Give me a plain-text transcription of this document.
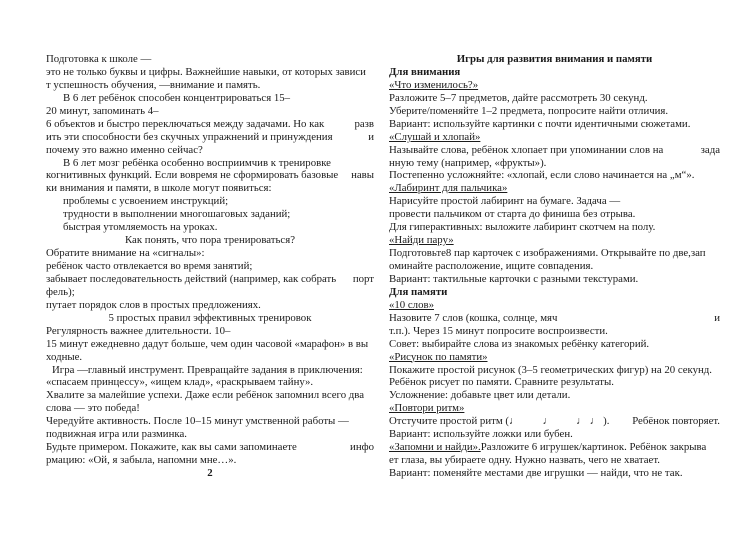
Подготовка к школе —
это не только буквы и цифры. Важнейшие навыки, от которых зависи
т успешность обучения, —внимание и память.
В 6 лет ребёнок способен концентрироваться 15–
20 минут, запоминать 4–
6 объектов и быстро переключаться между задачами. Но как	разв
ить эти способности без скучных упражнений и принуждения	и
почему это важно именно сейчас?
В 6 лет мозг ребёнка особенно восприимчив к тренировке
когнитивных функций. Если вовремя не сформировать базовые навы
ки внимания и памяти, в школе могут появиться:
проблемы с усвоением инструкций;
трудности в выполнении многошаговых заданий;
быстрая утомляемость на уроках.
Как понять, что пора тренироваться?
Обратите внимание на «сигналы»:
ребёнок часто отвлекается во время занятий;
забывает последовательность действий (например, как собрать порт
фель);
путает порядок слов в простых предложениях.
5 простых правил эффективных тренировок
Регулярность важнее длительности. 10–
15 минут ежедневно дадут больше, чем один часовой «марафон» в вы
ходные.
Игра —главный инструмент. Превращайте задания в приключения:
«спасаем принцессу», «ищем клад», «раскрываем тайну».
Хвалите за малейшие успехи. Даже если ребёнок запомнил всего два
слова — это победа!
Чередуйте активность. После 10–15 минут умственной работы —
подвижная игра или разминка.
Будьте примером. Покажите, как вы сами запоминаете	инфо
рмацию: «Ой, я забыла, напомни мне…».
2
Игры для развития внимания и памяти
Для внимания
«Что изменилось?»
Разложите 5–7 предметов, дайте рассмотреть 30 секунд.
Уберите/поменяйте 1–2 предмета, попросите найти отличия.
Вариант: используйте картинки с почти идентичными сюжетами.
«Слушай и хлопай»
Называйте слова, ребёнок хлопает при упоминании слов на	зада
нную тему (например, «фрукты»).
Постепенно усложняйте: «хлопай, если слово начинается на „м“».
«Лабиринт для пальчика»
Нарисуйте простой лабиринт на бумаге. Задача —
провести пальчиком от старта до финиша без отрыва.
Для гиперактивных: выложите лабиринт скотчем на полу.
«Найди пару»
Подготовьте8 пар карточек с изображениями. Открывайте по две,зап
оминайте расположение, ищите совпадения.
Вариант: тактильные карточки с разными текстурами.
Для памяти
«10 слов»
Назовите 7 слов (кошка, солнце, мяч	и
т.п.). Через 15 минут попросите воспроизвести.
Совет: выбирайте слова из знакомых ребёнку категорий.
«Рисунок по памяти»
Покажите простой рисунок (3–5 геометрических фигур) на 20 секунд.
Ребёнок рисует по памяти. Сравните результаты.
Усложнение: добавьте цвет или детали.
«Повтори ритм»
Отстучите простой ритм (♩ ♩ ♩ ♩ ). Ребёнок повторяет.
Вариант: используйте ложки или бубен.
«Запомни и найди».Разложите 6 игрушек/картинок. Ребёнок закрыва
ет глаза, вы убираете одну. Нужно назвать, чего не хватает.
Вариант: поменяйте местами две игрушки — найди, что не так.
